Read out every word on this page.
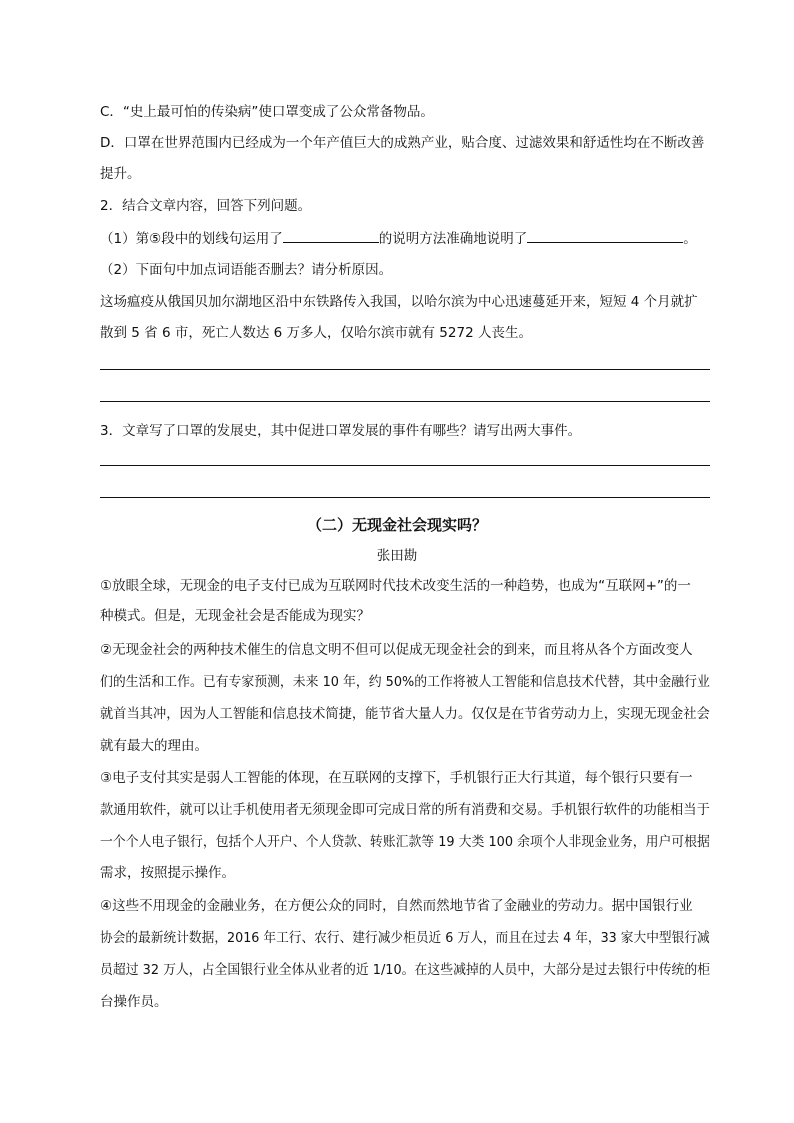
C．“史上最可怕的传染病”使口罩变成了公众常备物品。
D．口罩在世界范围内已经成为一个年产值巨大的成熟产业，贴合度、过滤效果和舒适性均在不断改善
提升。
2．结合文章内容，回答下列问题。
（1）第⑤段中的划线句运用了	的说明方法准确地说明了	。
（2）下面句中加点词语能否删去？请分析原因。
这场瘟疫从俄国贝加尔湖地区沿中东铁路传入我国，以哈尔滨为中心迅速蔓延开来，短短 4 个月就扩
散到 5 省 6 市，死亡人数达 6 万多人，仅哈尔滨市就有 5272 人丧生。
3．文章写了口罩的发展史，其中促进口罩发展的事件有哪些？请写出两大事件。
（二）无现金社会现实吗？
张田勘
①放眼全球，无现金的电子支付已成为互联网时代技术改变生活的一种趋势，也成为“互联网+”的一
种模式。但是，无现金社会是否能成为现实？
②无现金社会的两种技术催生的信息文明不但可以促成无现金社会的到来，而且将从各个方面改变人
们的生活和工作。已有专家预测，未来 10 年，约 50%的工作将被人工智能和信息技术代替，其中金融行业
就首当其冲，因为人工智能和信息技术简捷，能节省大量人力。仅仅是在节省劳动力上，实现无现金社会
就有最大的理由。
③电子支付其实是弱人工智能的体现，在互联网的支撑下，手机银行正大行其道，每个银行只要有一
款通用软件，就可以让手机使用者无须现金即可完成日常的所有消费和交易。手机银行软件的功能相当于
一个个人电子银行，包括个人开户、个人贷款、转账汇款等 19 大类 100 余项个人非现金业务，用户可根据
需求，按照提示操作。
④这些不用现金的金融业务，在方便公众的同时，自然而然地节省了金融业的劳动力。据中国银行业
协会的最新统计数据，2016 年工行、农行、建行减少柜员近 6 万人，而且在过去 4 年，33 家大中型银行减
员超过 32 万人，占全国银行业全体从业者的近 1/10。在这些减掉的人员中，大部分是过去银行中传统的柜
台操作员。
